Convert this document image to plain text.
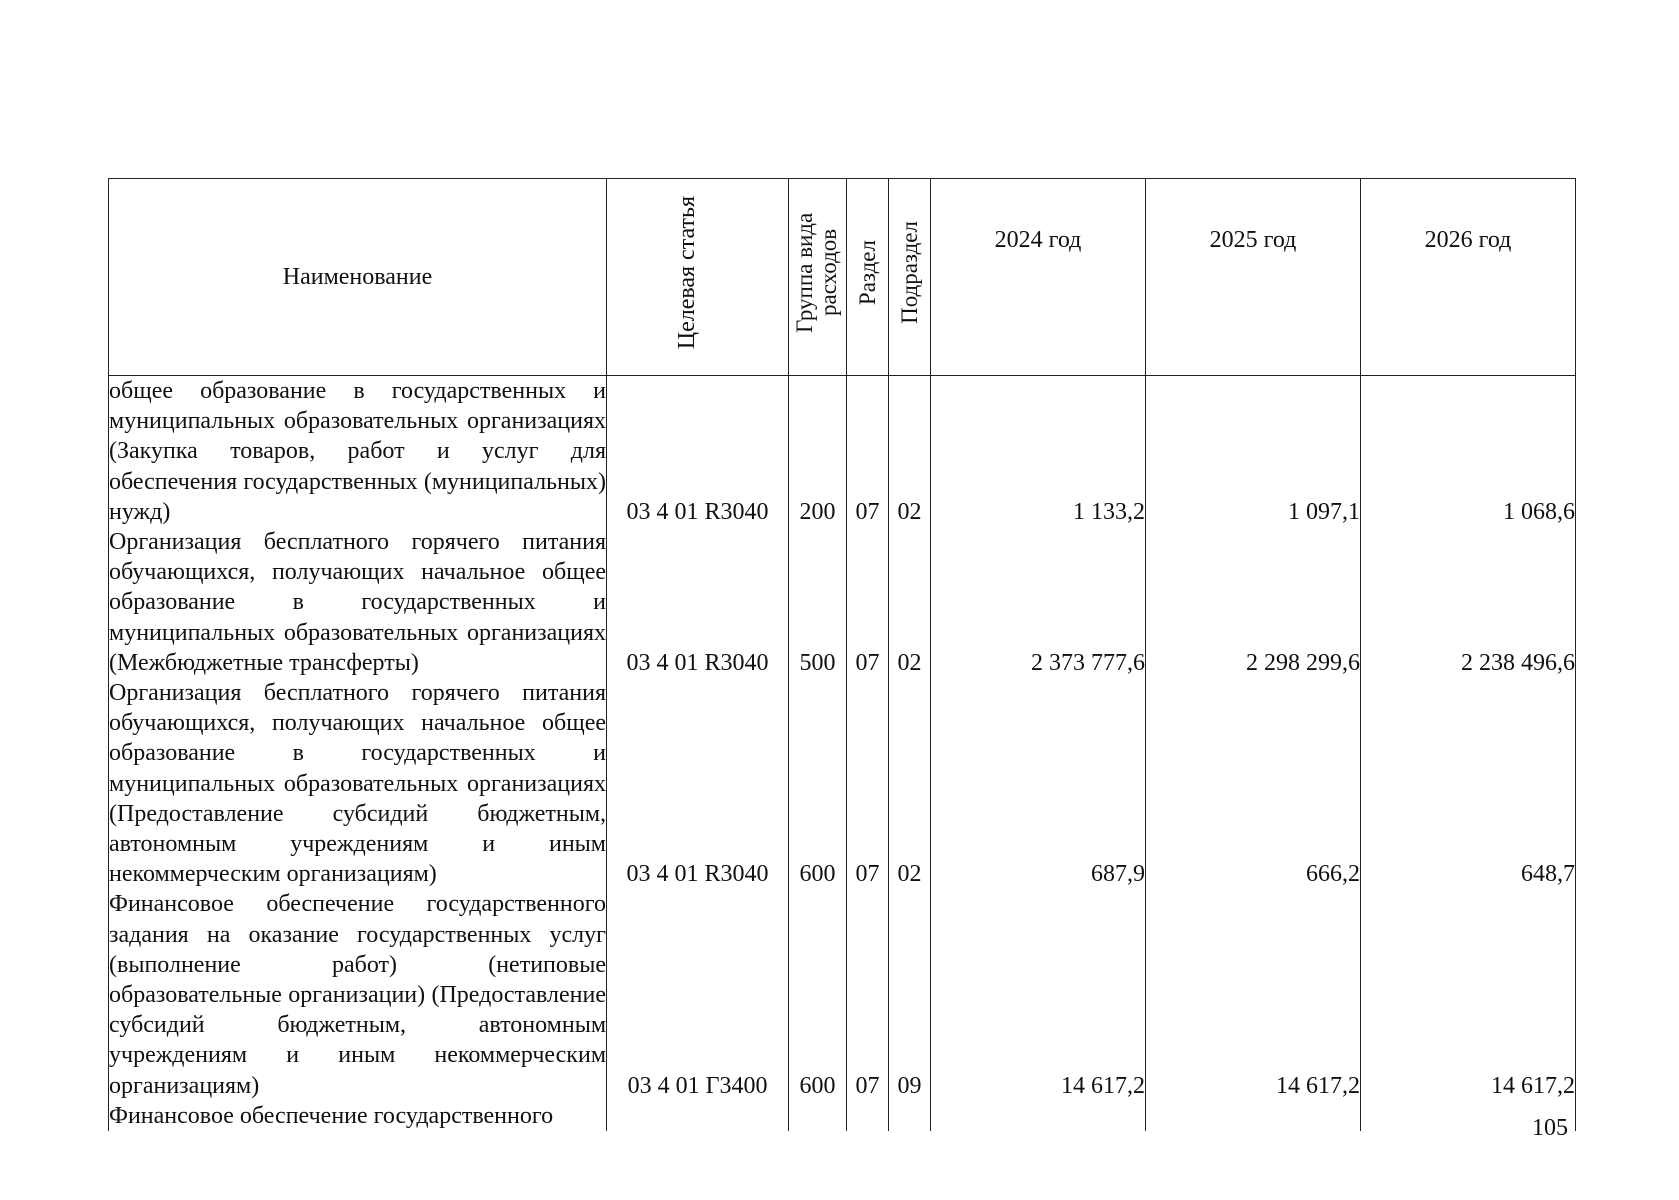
Наименование	Целевая статья	Группа вида расходов	Раздел	Подраздел	2024 год	2025 год	2026 год
общее образование в государственных и муниципальных образовательных организациях (Закупка товаров, работ и услуг для обеспечения государственных (муниципальных) нужд)	03 4 01 R3040	200	07	02	1 133,2	1 097,1	1 068,6
Организация бесплатного горячего питания обучающихся, получающих начальное общее образование в государственных и муниципальных образовательных организациях (Межбюджетные трансферты)	03 4 01 R3040	500	07	02	2 373 777,6	2 298 299,6	2 238 496,6
Организация бесплатного горячего питания обучающихся, получающих начальное общее образование в государственных и муниципальных образовательных организациях (Предоставление субсидий бюджетным, автономным учреждениям и иным некоммерческим организациям)	03 4 01 R3040	600	07	02	687,9	666,2	648,7
Финансовое обеспечение государственного задания на оказание государственных услуг (выполнение работ) (нетиповые образовательные организации) (Предоставление субсидий бюджетным, автономным учреждениям и иным некоммерческим организациям)	03 4 01 Г3400	600	07	09	14 617,2	14 617,2	14 617,2
Финансовое обеспечение государственного								105
